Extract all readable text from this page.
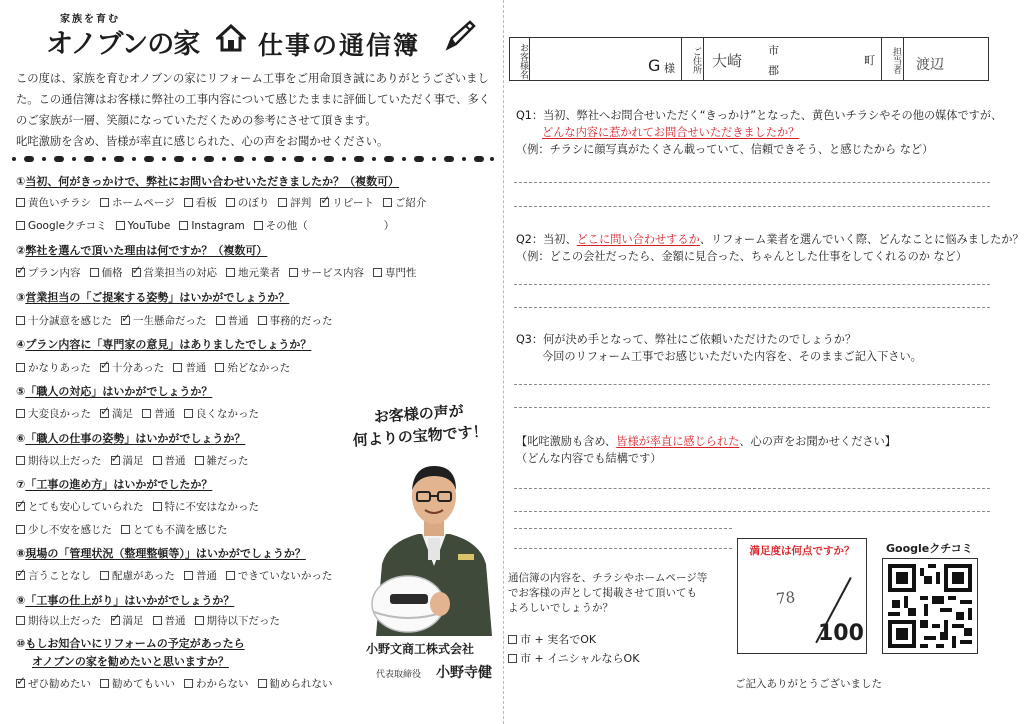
家族を育む
オノブンの家 仕事の通信簿
この度は、家族を育むオノブンの家にリフォーム工事をご用命頂き誠にありがとうございまし
た。この通信簿はお客様に弊社の工事内容について感じたままに評価していただく事で、多く
のご家族が一層、笑顔になっていただくための参考にさせて頂きます。
叱咤激励を含め、皆様が率直に感じられた、心の声をお聞かせください。
①当初、何がきっかけで、弊社にお問い合わせいただきましたか？（複数可）
黄色いチラシ ホームページ 看板 のぼり 評判 ✓ リピート ご紹介
Googleクチコミ YouTube Instagram その他（	）
②弊社を選んで頂いた理由は何ですか？（複数可）
✓プラン内容 価格 ✓ 営業担当の対応 地元業者 サービス内容 専門性
③営業担当の「ご提案する姿勢」はいかがでしょうか？
十分誠意を感じた ✓ 一生懸命だった 普通 事務的だった
④プラン内容に「専門家の意見」はありましたでしょうか？
かなりあった ✓ 十分あった 普通 殆どなかった
⑤「職人の対応」はいかがでしょうか？
大変良かった ✓ 満足 普通 良くなかった
⑥「職人の仕事の姿勢」はいかがでしょうか？
期待以上だった ✓ 満足 普通 雑だった
⑦「工事の進め方」はいかがでしたか？
✓とても安心していられた 特に不安はなかった
少し不安を感じた とても不満を感じた
⑧現場の「管理状況（整理整頓等）」はいかがでしょうか？
✓言うことなし 配慮があった 普通 できていないかった
⑨「工事の仕上がり」はいかがでしょうか？
期待以上だった ✓ 満足 普通 期待以下だった
⑩もしお知合いにリフォームの予定があったら
オノブンの家を勧めたいと思いますか？
✓ぜひ勧めたい 勧めてもいい わからない 勧められない
お客様の声が
何よりの宝物です！
小野文商工株式会社
代表取締役 小野寺健
お客様名	G 様	ご住所 大崎
市
郡
町	担当者 渡辺
Q1：当初、弊社へお問合せいただく“きっかけ”となった、黄色いチラシやその他の媒体ですが、
どんな内容に惹かれてお問合せいただきましたか？
（例：チラシに顔写真がたくさん載っていて、信頼できそう、と感じたから など）
Q2：当初、どこに問い合わせするか、リフォーム業者を選んでいく際、どんなことに悩みましたか？
（例：どこの会社だったら、金額に見合った、ちゃんとした仕事をしてくれるのか など）
Q3：何が決め手となって、弊社にご依頼いただけたのでしょうか？
今回のリフォーム工事でお感じいただいた内容を、そのままご記入下さい。
【叱咤激励も含め、皆様が率直に感じられた、心の声をお聞かせください】
（どんな内容でも結構です）
通信簿の内容を、チラシやホームページ等
でお客様の声として掲載させて頂いても
よろしいでしょうか？
市 + 実名でOK
市 + イニシャルならOK
満足度は何点ですか？
78
100
Googleクチコミ
ご記入ありがとうございました
